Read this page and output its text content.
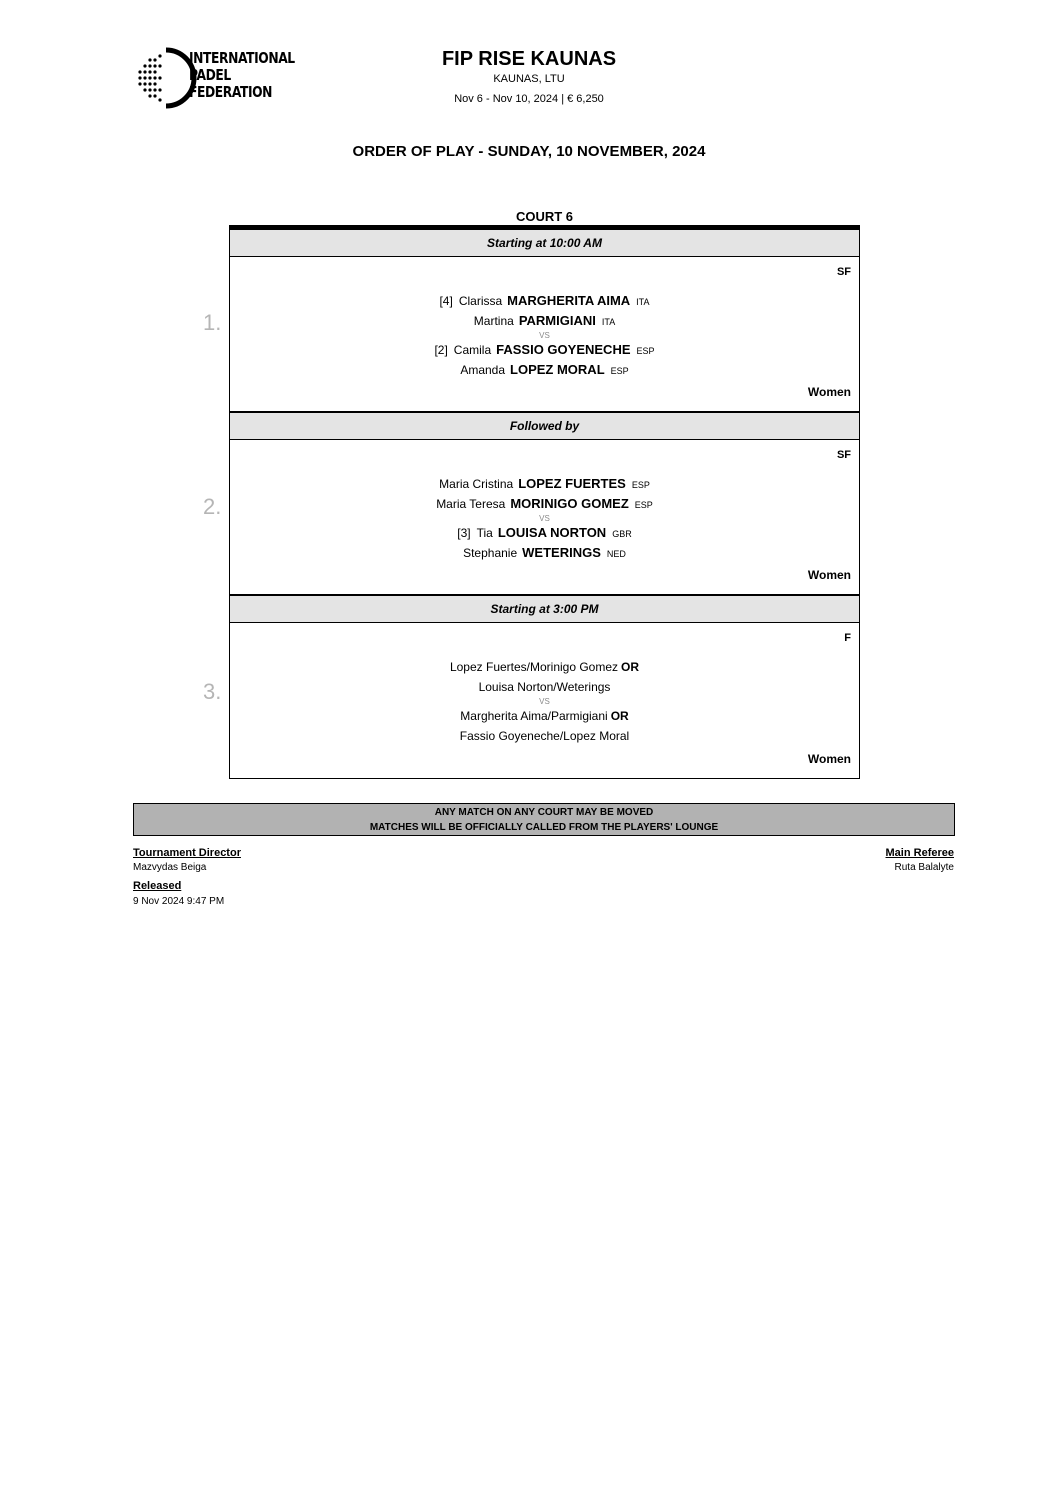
INTERNATIONAL
PADEL
FEDERATION
FIP RISE KAUNAS
KAUNAS, LTU
Nov 6 - Nov 10, 2024 | € 6,250
ORDER OF PLAY - SUNDAY, 10 NOVEMBER, 2024
COURT 6
Starting at 10:00 AM
SF
[4] Clarissa MARGHERITA AIMA ITA
Martina PARMIGIANI ITA
VS
[2] Camila FASSIO GOYENECHE ESP
Amanda LOPEZ MORAL ESP
Women
Followed by
SF
Maria Cristina LOPEZ FUERTES ESP
Maria Teresa MORINIGO GOMEZ ESP
VS
[3] Tia LOUISA NORTON GBR
Stephanie WETERINGS NED
Women
Starting at 3:00 PM
F
Lopez Fuertes/Morinigo Gomez OR
Louisa Norton/Weterings
VS
Margherita Aima/Parmigiani OR
Fassio Goyeneche/Lopez Moral
Women
1.
2.
3.
ANY MATCH ON ANY COURT MAY BE MOVED
MATCHES WILL BE OFFICIALLY CALLED FROM THE PLAYERS' LOUNGE
Tournament Director
Mazvydas Beiga
Released
9 Nov 2024 9:47 PM
Main Referee
Ruta Balalyte
